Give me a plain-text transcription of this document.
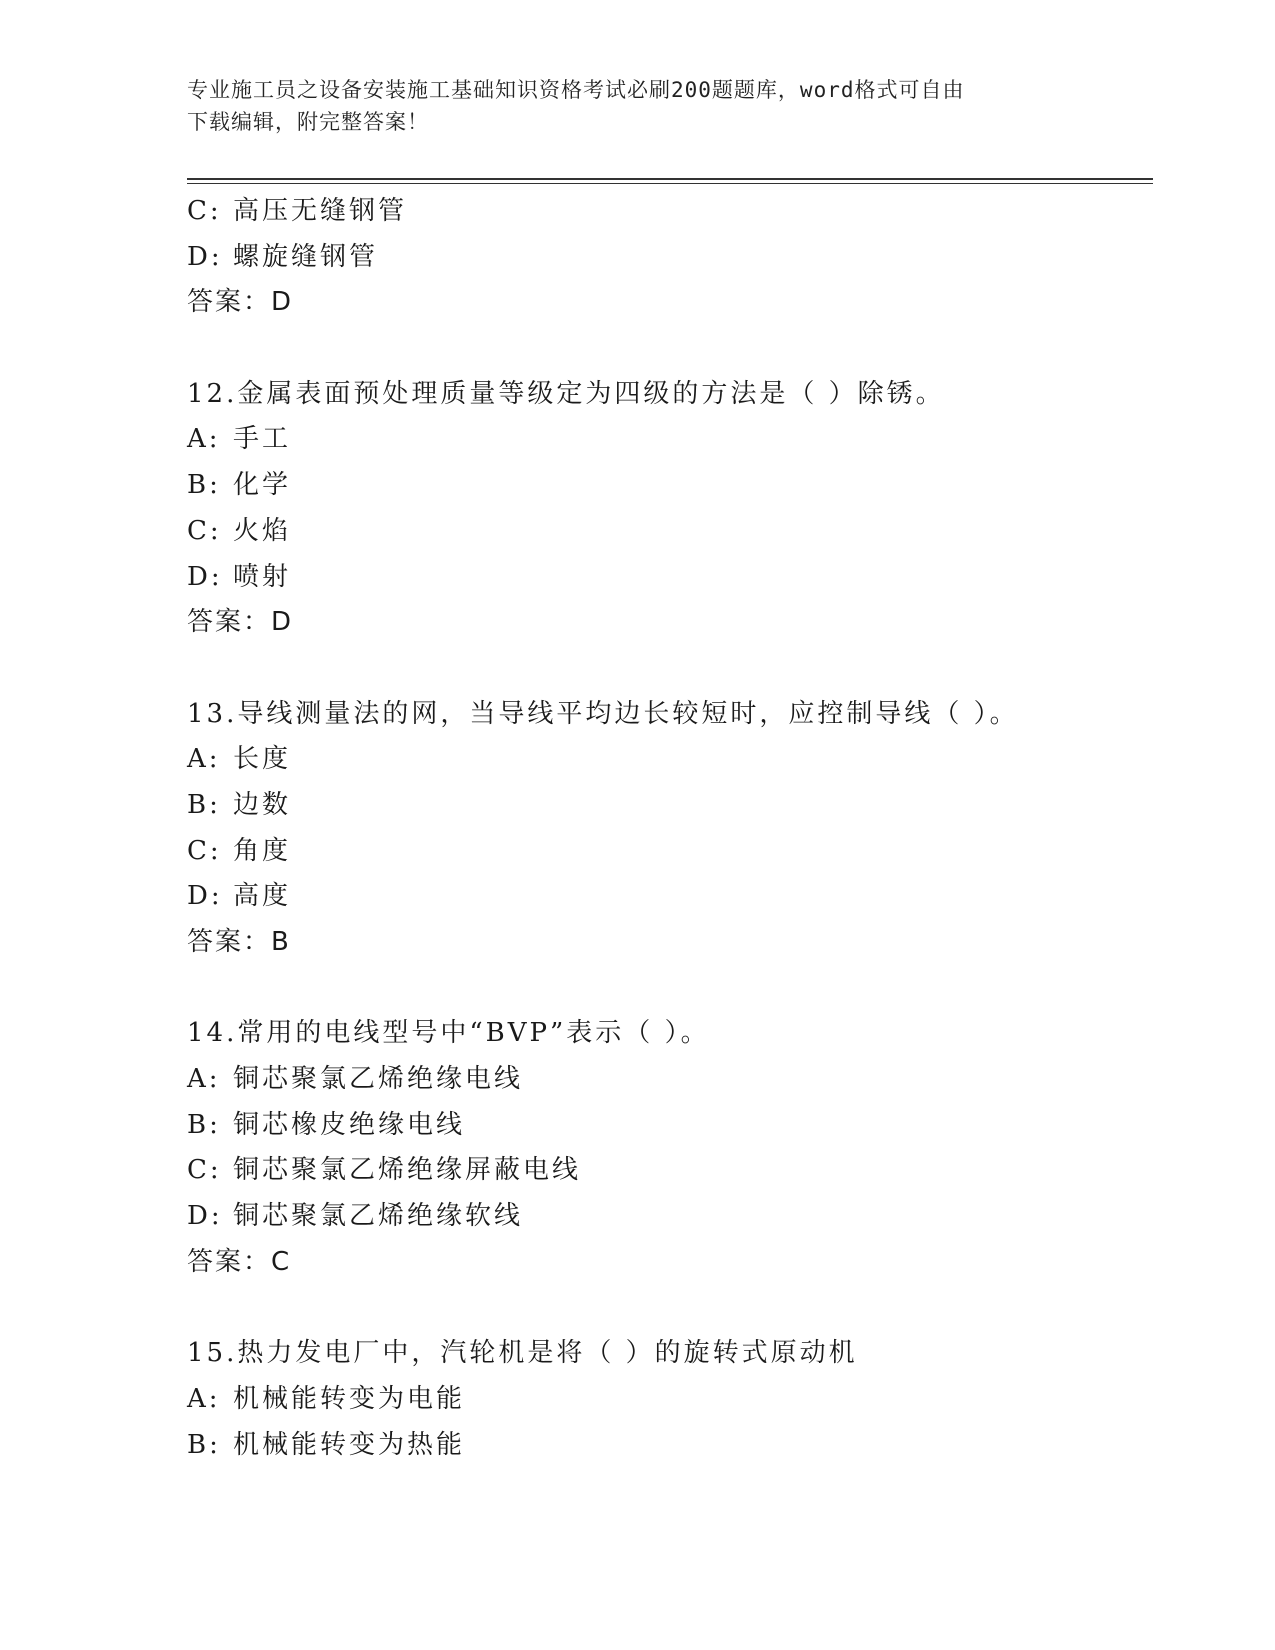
专业施工员之设备安装施工基础知识资格考试必刷200题题库，word格式可自由
下载编辑，附完整答案！
C: 高压无缝钢管
D: 螺旋缝钢管
答案：D
12.金属表面预处理质量等级定为四级的方法是（ ）除锈。
A: 手工
B: 化学
C: 火焰
D: 喷射
答案：D
13.导线测量法的网，当导线平均边长较短时，应控制导线（ ）。
A: 长度
B: 边数
C: 角度
D: 高度
答案：B
14.常用的电线型号中“BVP”表示（ ）。
A: 铜芯聚氯乙烯绝缘电线
B: 铜芯橡皮绝缘电线
C: 铜芯聚氯乙烯绝缘屏蔽电线
D: 铜芯聚氯乙烯绝缘软线
答案：C
15.热力发电厂中，汽轮机是将（ ）的旋转式原动机
A: 机械能转变为电能
B: 机械能转变为热能
